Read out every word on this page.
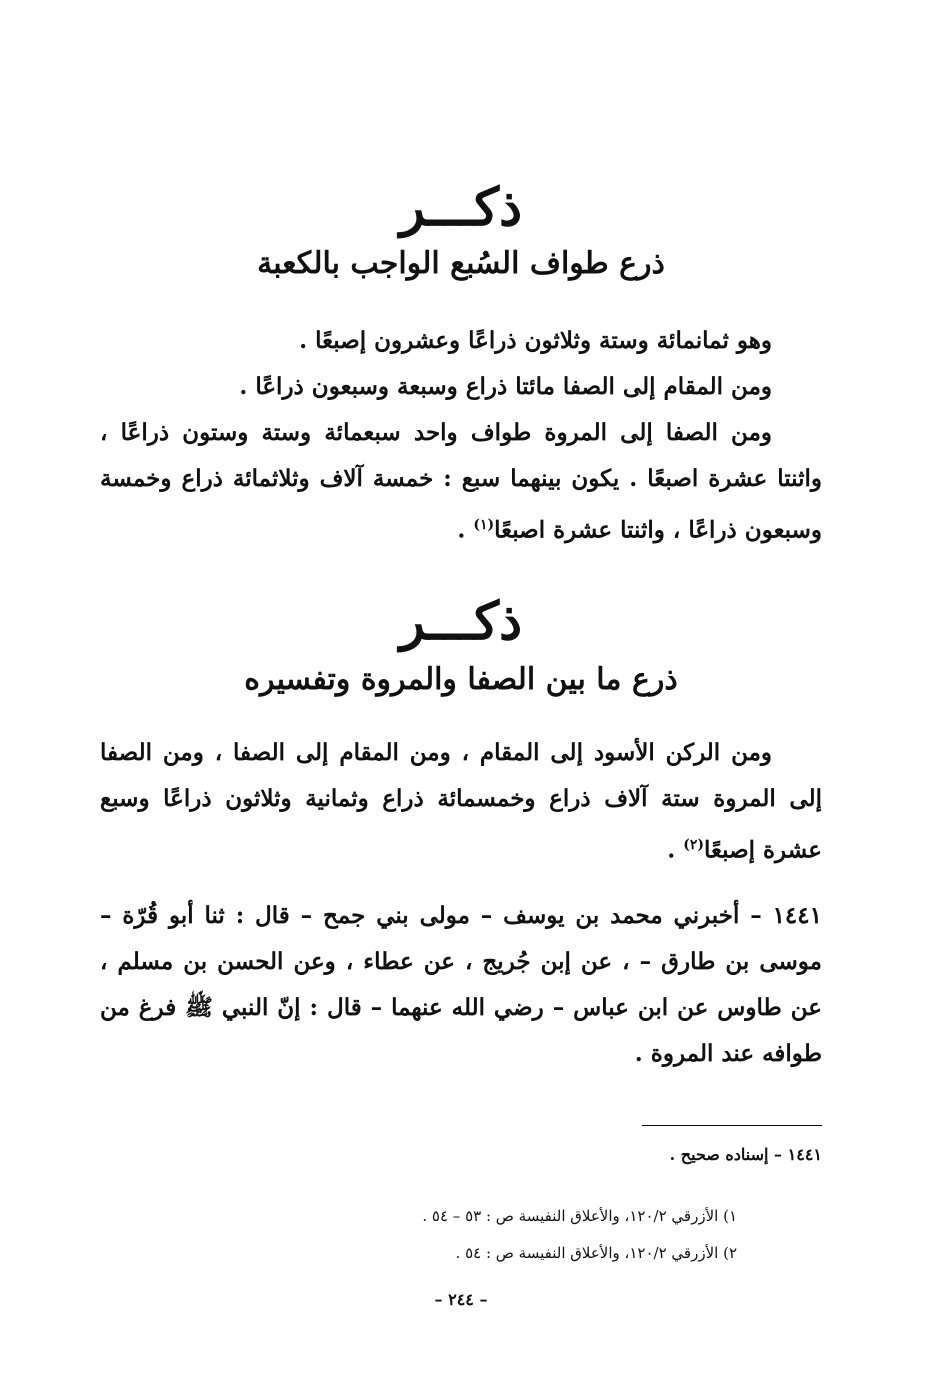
ذكـــر
ذرع طواف السُبع الواجب بالكعبة
وهو ثمانمائة وستة وثلاثون ذراعًا وعشرون إصبعًا .
ومن المقام إلى الصفا مائتا ذراع وسبعة وسبعون ذراعًا .
ومن الصفا إلى المروة طواف واحد سبعمائة وستة وستون ذراعًا ، واثنتا عشرة اصبعًا . يكون بينهما سبع : خمسة آلاف وثلاثمائة ذراع وخمسة وسبعون ذراعًا ، واثنتا عشرة اصبعًا$^{(١)}$ .
ذكـــر
ذرع ما بين الصفا والمروة وتفسيره
ومن الركن الأسود إلى المقام ، ومن المقام إلى الصفا ، ومن الصفا إلى المروة ستة آلاف ذراع وخمسمائة ذراع وثمانية وثلاثون ذراعًا وسبع عشرة إصبعًا$^{(٢)}$ .
١٤٤١ – أخبرني محمد بن يوسف – مولى بني جمح – قال : ثنا أبو قُرّة – موسى بن طارق – ، عن إبن جُريج ، عن عطاء ، وعن الحسن بن مسلم ، عن طاوس عن ابن عباس – رضي الله عنهما – قال : إنّ النبي ﷺ فرغ من طوافه عند المروة .
١٤٤١ – إسناده صحيح .
١) الأزرقي ١٢٠/٢، والأعلاق النفيسة ص : ٥٣ – ٥٤ .
٢) الأزرقي ١٢٠/٢، والأعلاق النفيسة ص : ٥٤ .
– ٢٤٤ –
